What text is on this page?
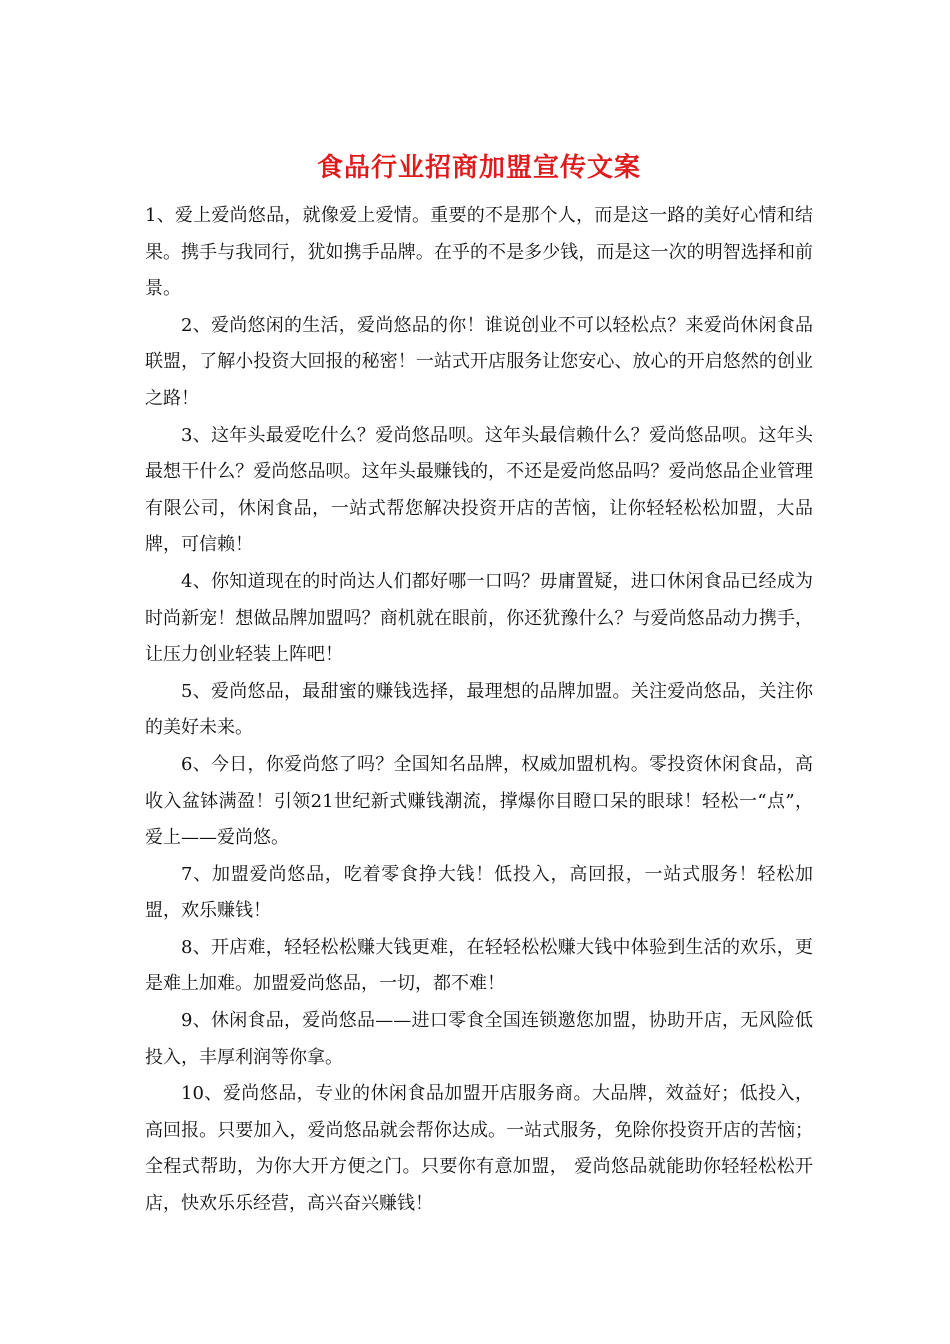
食品行业招商加盟宣传文案

1、爱上爱尚悠品，就像爱上爱情。重要的不是那个人，而是这一路的美好心情和结果。携手与我同行，犹如携手品牌。在乎的不是多少钱，而是这一次的明智选择和前景。

2、爱尚悠闲的生活，爱尚悠品的你！谁说创业不可以轻松点？来爱尚休闲食品联盟，了解小投资大回报的秘密！一站式开店服务让您安心、放心的开启悠然的创业之路！

3、这年头最爱吃什么？爱尚悠品呗。这年头最信赖什么？爱尚悠品呗。这年头最想干什么？爱尚悠品呗。这年头最赚钱的，不还是爱尚悠品吗？爱尚悠品企业管理有限公司，休闲食品，一站式帮您解决投资开店的苦恼，让你轻轻松松加盟，大品牌，可信赖！

4、你知道现在的时尚达人们都好哪一口吗？毋庸置疑，进口休闲食品已经成为时尚新宠！想做品牌加盟吗？商机就在眼前，你还犹豫什么？与爱尚悠品动力携手，让压力创业轻装上阵吧！

5、爱尚悠品，最甜蜜的赚钱选择，最理想的品牌加盟。关注爱尚悠品，关注你的美好未来。

6、今日，你爱尚悠了吗？全国知名品牌，权威加盟机构。零投资休闲食品，高收入盆钵满盈！引领21世纪新式赚钱潮流，撑爆你目瞪口呆的眼球！轻松一“点”，爱上——爱尚悠。

7、加盟爱尚悠品，吃着零食挣大钱！低投入，高回报，一站式服务！轻松加盟，欢乐赚钱！

8、开店难，轻轻松松赚大钱更难，在轻轻松松赚大钱中体验到生活的欢乐，更是难上加难。加盟爱尚悠品，一切，都不难！

9、休闲食品，爱尚悠品——进口零食全国连锁邀您加盟，协助开店，无风险低投入，丰厚利润等你拿。

10、爱尚悠品，专业的休闲食品加盟开店服务商。大品牌，效益好；低投入，高回报。只要加入，爱尚悠品就会帮你达成。一站式服务，免除你投资开店的苦恼；全程式帮助，为你大开方便之门。只要你有意加盟， 爱尚悠品就能助你轻轻松松开店，快欢乐乐经营，高兴奋兴赚钱！
